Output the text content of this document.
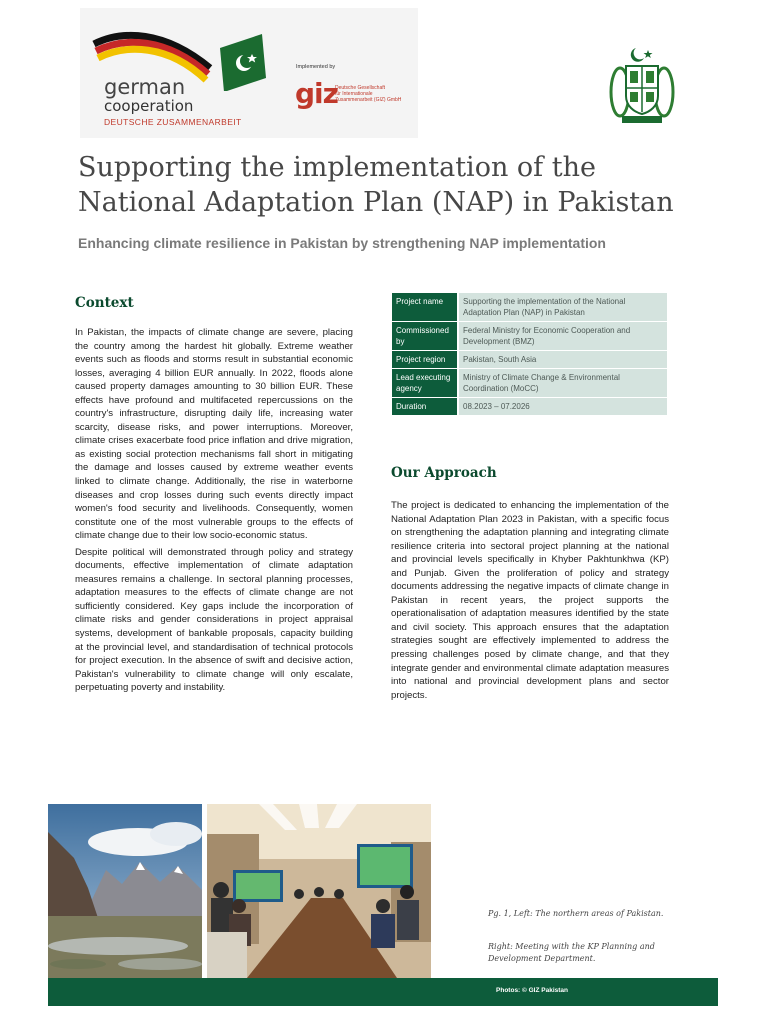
german
cooperation
DEUTSCHE ZUSAMMENARBEIT
Implemented by
giz
Deutsche Gesellschaft
für Internationale
Zusammenarbeit (GIZ) GmbH
Supporting the implementation of the National Adaptation Plan (NAP) in Pakistan
Enhancing climate resilience in Pakistan by strengthening NAP implementation
Context

In Pakistan, the impacts of climate change are severe, placing the country among the hardest hit globally. Extreme weather events such as floods and storms result in substantial economic losses, averaging 4 billion EUR annually. In 2022, floods alone caused property damages amounting to 30 billion EUR. These effects have profound and multifaceted repercussions on the country's infrastructure, disrupting daily life, increasing water scarcity, disease risks, and power interruptions. Moreover, climate crises exacerbate food price inflation and drive migration, as existing social protection mechanisms fall short in mitigating the damage and losses caused by extreme weather events linked to climate change. Additionally, the rise in waterborne diseases and crop losses during such events directly impact women's food security and livelihoods. Consequently, women constitute one of the most vulnerable groups to the effects of climate change due to their low socio-economic status.

Despite political will demonstrated through policy and strategy documents, effective implementation of climate adaptation measures remains a challenge. In sectoral planning processes, adaptation measures to the effects of climate change are not sufficiently considered. Key gaps include the incorporation of climate risks and gender considerations in project appraisal systems, development of bankable proposals, capacity building at the provincial level, and standardisation of technical protocols for project execution. In the absence of swift and decisive action, Pakistan's vulnerability to climate change will only escalate, perpetuating poverty and instability.

Project name	Supporting the implementation of the National Adaptation Plan (NAP) in Pakistan
Commissioned by	Federal Ministry for Economic Cooperation and Development (BMZ)
Project region	Pakistan, South Asia
Lead executing agency	Ministry of Climate Change & Environmental Coordination (MoCC)
Duration	08.2023 – 07.2026
Our Approach

The project is dedicated to enhancing the implementation of the National Adaptation Plan 2023 in Pakistan, with a specific focus on strengthening the adaptation planning and integrating climate resilience criteria into sectoral project planning at the national and provincial levels specifically in Khyber Pakhtunkhwa (KP) and Punjab. Given the proliferation of policy and strategy documents addressing the negative impacts of climate change in Pakistan in recent years, the project supports the operationalisation of adaptation measures identified by the state and civil society. This approach ensures that the adaptation strategies sought are effectively implemented to address the pressing challenges posed by climate change, and that they integrate gender and environmental climate adaptation measures into national and provincial development plans and sector projects.

Pg. 1, Left: The northern areas of Pakistan.
Right: Meeting with the KP Planning and Development Department.
Photos: © GIZ Pakistan
